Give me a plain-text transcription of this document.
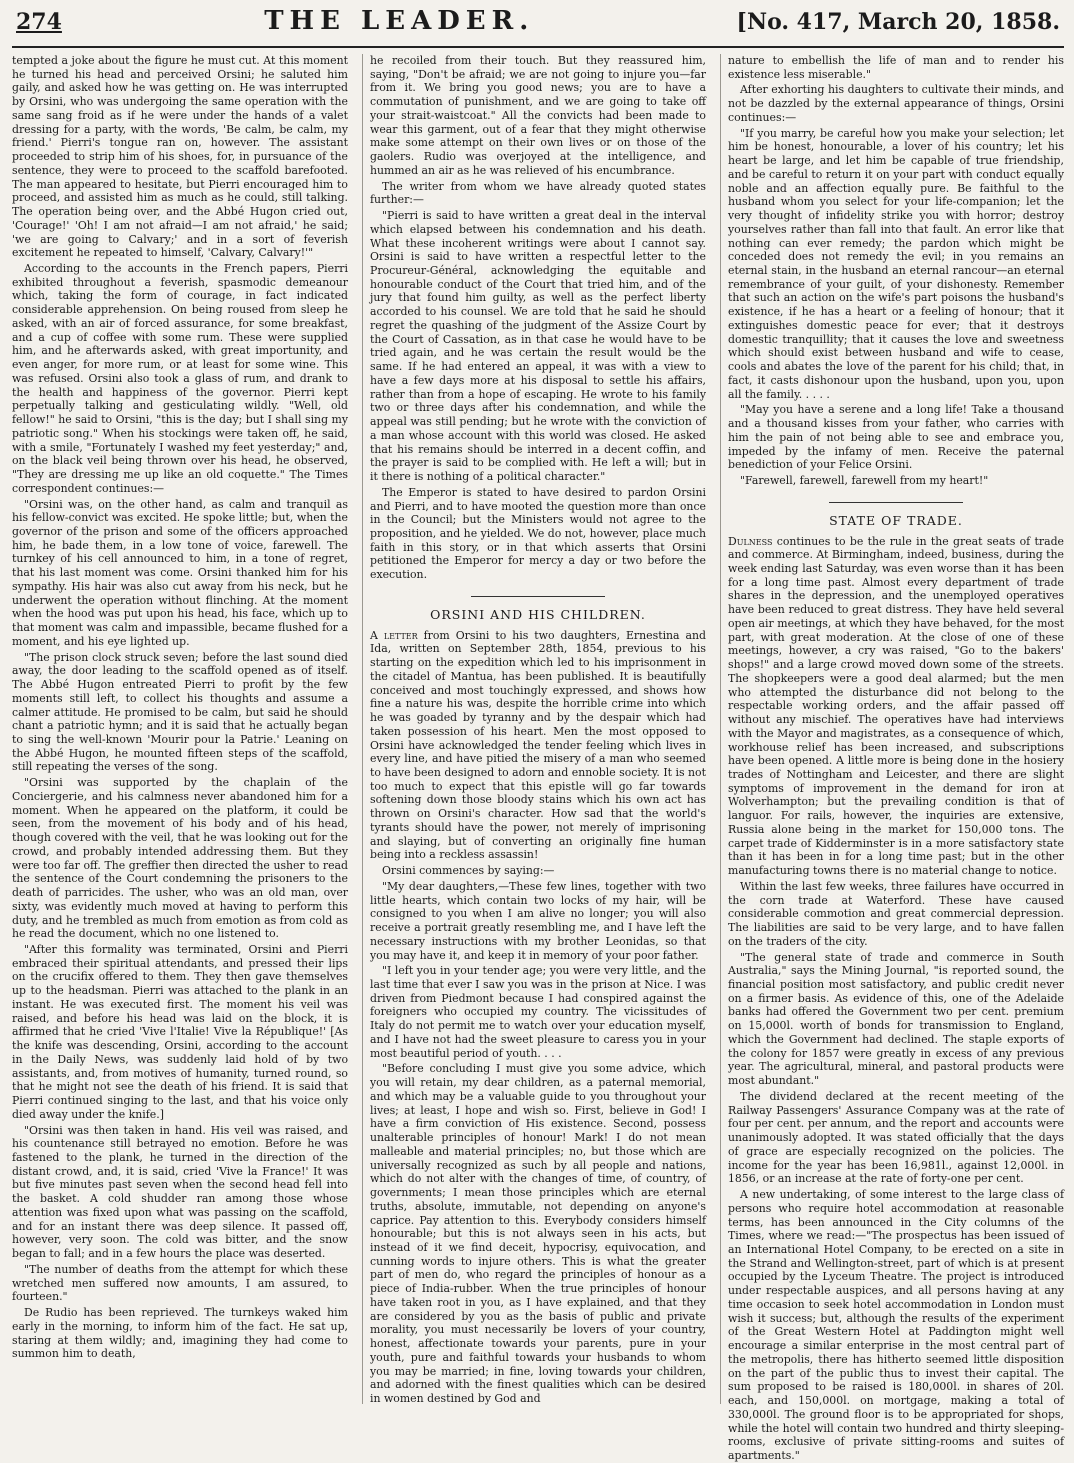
274	THE LEADER.	[No. 417, March 20, 1858.

tempted a joke about the figure he must cut. At this moment he turned his head and perceived Orsini; he saluted him gaily, and asked how he was getting on. He was interrupted by Orsini, who was undergoing the same operation with the same sang froid as if he were under the hands of a valet dressing for a party, with the words, 'Be calm, be calm, my friend.' Pierri's tongue ran on, however. The assistant proceeded to strip him of his shoes, for, in pursuance of the sentence, they were to proceed to the scaffold barefooted. The man appeared to hesitate, but Pierri encouraged him to proceed, and assisted him as much as he could, still talking. The operation being over, and the Abbé Hugon cried out, 'Courage!' 'Oh! I am not afraid—I am not afraid,' he said; 'we are going to Calvary;' and in a sort of feverish excitement he repeated to himself, 'Calvary, Calvary!'"

According to the accounts in the French papers, Pierri exhibited throughout a feverish, spasmodic demeanour which, taking the form of courage, in fact indicated considerable apprehension. On being roused from sleep he asked, with an air of forced assurance, for some breakfast, and a cup of coffee with some rum. These were supplied him, and he afterwards asked, with great importunity, and even anger, for more rum, or at least for some wine. This was refused. Orsini also took a glass of rum, and drank to the health and happiness of the governor. Pierri kept perpetually talking and gesticulating wildly. "Well, old fellow!" he said to Orsini, "this is the day; but I shall sing my patriotic song." When his stockings were taken off, he said, with a smile, "Fortunately I washed my feet yesterday;" and, on the black veil being thrown over his head, he observed, "They are dressing me up like an old coquette." The Times correspondent continues:—

"Orsini was, on the other hand, as calm and tranquil as his fellow-convict was excited. He spoke little; but, when the governor of the prison and some of the officers approached him, he bade them, in a low tone of voice, farewell. The turnkey of his cell announced to him, in a tone of regret, that his last moment was come. Orsini thanked him for his sympathy. His hair was also cut away from his neck, but he underwent the operation without flinching. At the moment when the hood was put upon his head, his face, which up to that moment was calm and impassible, became flushed for a moment, and his eye lighted up.

"The prison clock struck seven; before the last sound died away, the door leading to the scaffold opened as of itself. The Abbé Hugon entreated Pierri to profit by the few moments still left, to collect his thoughts and assume a calmer attitude. He promised to be calm, but said he should chant a patriotic hymn; and it is said that he actually began to sing the well-known 'Mourir pour la Patrie.' Leaning on the Abbé Hugon, he mounted fifteen steps of the scaffold, still repeating the verses of the song.

"Orsini was supported by the chaplain of the Conciergerie, and his calmness never abandoned him for a moment. When he appeared on the platform, it could be seen, from the movement of his body and of his head, though covered with the veil, that he was looking out for the crowd, and probably intended addressing them. But they were too far off. The greffier then directed the usher to read the sentence of the Court condemning the prisoners to the death of parricides. The usher, who was an old man, over sixty, was evidently much moved at having to perform this duty, and he trembled as much from emotion as from cold as he read the document, which no one listened to.

"After this formality was terminated, Orsini and Pierri embraced their spiritual attendants, and pressed their lips on the crucifix offered to them. They then gave themselves up to the headsman. Pierri was attached to the plank in an instant. He was executed first. The moment his veil was raised, and before his head was laid on the block, it is affirmed that he cried 'Vive l'Italie! Vive la République!' [As the knife was descending, Orsini, according to the account in the Daily News, was suddenly laid hold of by two assistants, and, from motives of humanity, turned round, so that he might not see the death of his friend. It is said that Pierri continued singing to the last, and that his voice only died away under the knife.]

"Orsini was then taken in hand. His veil was raised, and his countenance still betrayed no emotion. Before he was fastened to the plank, he turned in the direction of the distant crowd, and, it is said, cried 'Vive la France!' It was but five minutes past seven when the second head fell into the basket. A cold shudder ran among those whose attention was fixed upon what was passing on the scaffold, and for an instant there was deep silence. It passed off, however, very soon. The cold was bitter, and the snow began to fall; and in a few hours the place was deserted.

"The number of deaths from the attempt for which these wretched men suffered now amounts, I am assured, to fourteen."

De Rudio has been reprieved. The turnkeys waked him early in the morning, to inform him of the fact. He sat up, staring at them wildly; and, imagining they had come to summon him to death,

he recoiled from their touch. But they reassured him, saying, "Don't be afraid; we are not going to injure you—far from it. We bring you good news; you are to have a commutation of punishment, and we are going to take off your strait-waistcoat." All the convicts had been made to wear this garment, out of a fear that they might otherwise make some attempt on their own lives or on those of the gaolers. Rudio was overjoyed at the intelligence, and hummed an air as he was relieved of his encumbrance.

The writer from whom we have already quoted states further:—

"Pierri is said to have written a great deal in the interval which elapsed between his condemnation and his death. What these incoherent writings were about I cannot say. Orsini is said to have written a respectful letter to the Procureur-Général, acknowledging the equitable and honourable conduct of the Court that tried him, and of the jury that found him guilty, as well as the perfect liberty accorded to his counsel. We are told that he said he should regret the quashing of the judgment of the Assize Court by the Court of Cassation, as in that case he would have to be tried again, and he was certain the result would be the same. If he had entered an appeal, it was with a view to have a few days more at his disposal to settle his affairs, rather than from a hope of escaping. He wrote to his family two or three days after his condemnation, and while the appeal was still pending; but he wrote with the conviction of a man whose account with this world was closed. He asked that his remains should be interred in a decent coffin, and the prayer is said to be complied with. He left a will; but in it there is nothing of a political character."

The Emperor is stated to have desired to pardon Orsini and Pierri, and to have mooted the question more than once in the Council; but the Ministers would not agree to the proposition, and he yielded. We do not, however, place much faith in this story, or in that which asserts that Orsini petitioned the Emperor for mercy a day or two before the execution.

ORSINI AND HIS CHILDREN.

A letter from Orsini to his two daughters, Ernestina and Ida, written on September 28th, 1854, previous to his starting on the expedition which led to his imprisonment in the citadel of Mantua, has been published. It is beautifully conceived and most touchingly expressed, and shows how fine a nature his was, despite the horrible crime into which he was goaded by tyranny and by the despair which had taken possession of his heart. Men the most opposed to Orsini have acknowledged the tender feeling which lives in every line, and have pitied the misery of a man who seemed to have been designed to adorn and ennoble society. It is not too much to expect that this epistle will go far towards softening down those bloody stains which his own act has thrown on Orsini's character. How sad that the world's tyrants should have the power, not merely of imprisoning and slaying, but of converting an originally fine human being into a reckless assassin!

Orsini commences by saying:—

"My dear daughters,—These few lines, together with two little hearts, which contain two locks of my hair, will be consigned to you when I am alive no longer; you will also receive a portrait greatly resembling me, and I have left the necessary instructions with my brother Leonidas, so that you may have it, and keep it in memory of your poor father.

"I left you in your tender age; you were very little, and the last time that ever I saw you was in the prison at Nice. I was driven from Piedmont because I had conspired against the foreigners who occupied my country. The vicissitudes of Italy do not permit me to watch over your education myself, and I have not had the sweet pleasure to caress you in your most beautiful period of youth. . . .

"Before concluding I must give you some advice, which you will retain, my dear children, as a paternal memorial, and which may be a valuable guide to you throughout your lives; at least, I hope and wish so. First, believe in God! I have a firm conviction of His existence. Second, possess unalterable principles of honour! Mark! I do not mean malleable and material principles; no, but those which are universally recognized as such by all people and nations, which do not alter with the changes of time, of country, of governments; I mean those principles which are eternal truths, absolute, immutable, not depending on anyone's caprice. Pay attention to this. Everybody considers himself honourable; but this is not always seen in his acts, but instead of it we find deceit, hypocrisy, equivocation, and cunning words to injure others. This is what the greater part of men do, who regard the principles of honour as a piece of India-rubber. When the true principles of honour have taken root in you, as I have explained, and that they are considered by you as the basis of public and private morality, you must necessarily be lovers of your country, honest, affectionate towards your parents, pure in your youth, pure and faithful towards your husbands to whom you may be married; in fine, loving towards your children, and adorned with the finest qualities which can be desired in women destined by God and

nature to embellish the life of man and to render his existence less miserable."

After exhorting his daughters to cultivate their minds, and not be dazzled by the external appearance of things, Orsini continues:—

"If you marry, be careful how you make your selection; let him be honest, honourable, a lover of his country; let his heart be large, and let him be capable of true friendship, and be careful to return it on your part with conduct equally noble and an affection equally pure. Be faithful to the husband whom you select for your life-companion; let the very thought of infidelity strike you with horror; destroy yourselves rather than fall into that fault. An error like that nothing can ever remedy; the pardon which might be conceded does not remedy the evil; in you remains an eternal stain, in the husband an eternal rancour—an eternal remembrance of your guilt, of your dishonesty. Remember that such an action on the wife's part poisons the husband's existence, if he has a heart or a feeling of honour; that it extinguishes domestic peace for ever; that it destroys domestic tranquillity; that it causes the love and sweetness which should exist between husband and wife to cease, cools and abates the love of the parent for his child; that, in fact, it casts dishonour upon the husband, upon you, upon all the family. . . . .

"May you have a serene and a long life! Take a thousand and a thousand kisses from your father, who carries with him the pain of not being able to see and embrace you, impeded by the infamy of men. Receive the paternal benediction of your Felice Orsini.

"Farewell, farewell, farewell from my heart!"

STATE OF TRADE.

Dulness continues to be the rule in the great seats of trade and commerce. At Birmingham, indeed, business, during the week ending last Saturday, was even worse than it has been for a long time past. Almost every department of trade shares in the depression, and the unemployed operatives have been reduced to great distress. They have held several open air meetings, at which they have behaved, for the most part, with great moderation. At the close of one of these meetings, however, a cry was raised, "Go to the bakers' shops!" and a large crowd moved down some of the streets. The shopkeepers were a good deal alarmed; but the men who attempted the disturbance did not belong to the respectable working orders, and the affair passed off without any mischief. The operatives have had interviews with the Mayor and magistrates, as a consequence of which, workhouse relief has been increased, and subscriptions have been opened. A little more is being done in the hosiery trades of Nottingham and Leicester, and there are slight symptoms of improvement in the demand for iron at Wolverhampton; but the prevailing condition is that of languor. For rails, however, the inquiries are extensive, Russia alone being in the market for 150,000 tons. The carpet trade of Kidderminster is in a more satisfactory state than it has been in for a long time past; but in the other manufacturing towns there is no material change to notice.

Within the last few weeks, three failures have occurred in the corn trade at Waterford. These have caused considerable commotion and great commercial depression. The liabilities are said to be very large, and to have fallen on the traders of the city.

"The general state of trade and commerce in South Australia," says the Mining Journal, "is reported sound, the financial position most satisfactory, and public credit never on a firmer basis. As evidence of this, one of the Adelaide banks had offered the Government two per cent. premium on 15,000l. worth of bonds for transmission to England, which the Government had declined. The staple exports of the colony for 1857 were greatly in excess of any previous year. The agricultural, mineral, and pastoral products were most abundant."

The dividend declared at the recent meeting of the Railway Passengers' Assurance Company was at the rate of four per cent. per annum, and the report and accounts were unanimously adopted. It was stated officially that the days of grace are especially recognized on the policies. The income for the year has been 16,981l., against 12,000l. in 1856, or an increase at the rate of forty-one per cent.

A new undertaking, of some interest to the large class of persons who require hotel accommodation at reasonable terms, has been announced in the City columns of the Times, where we read:—"The prospectus has been issued of an International Hotel Company, to be erected on a site in the Strand and Wellington-street, part of which is at present occupied by the Lyceum Theatre. The project is introduced under respectable auspices, and all persons having at any time occasion to seek hotel accommodation in London must wish it success; but, although the results of the experiment of the Great Western Hotel at Paddington might well encourage a similar enterprise in the most central part of the metropolis, there has hitherto seemed little disposition on the part of the public thus to invest their capital. The sum proposed to be raised is 180,000l. in shares of 20l. each, and 150,000l. on mortgage, making a total of 330,000l. The ground floor is to be appropriated for shops, while the hotel will contain two hundred and thirty sleeping-rooms, exclusive of private sitting-rooms and suites of apartments."
